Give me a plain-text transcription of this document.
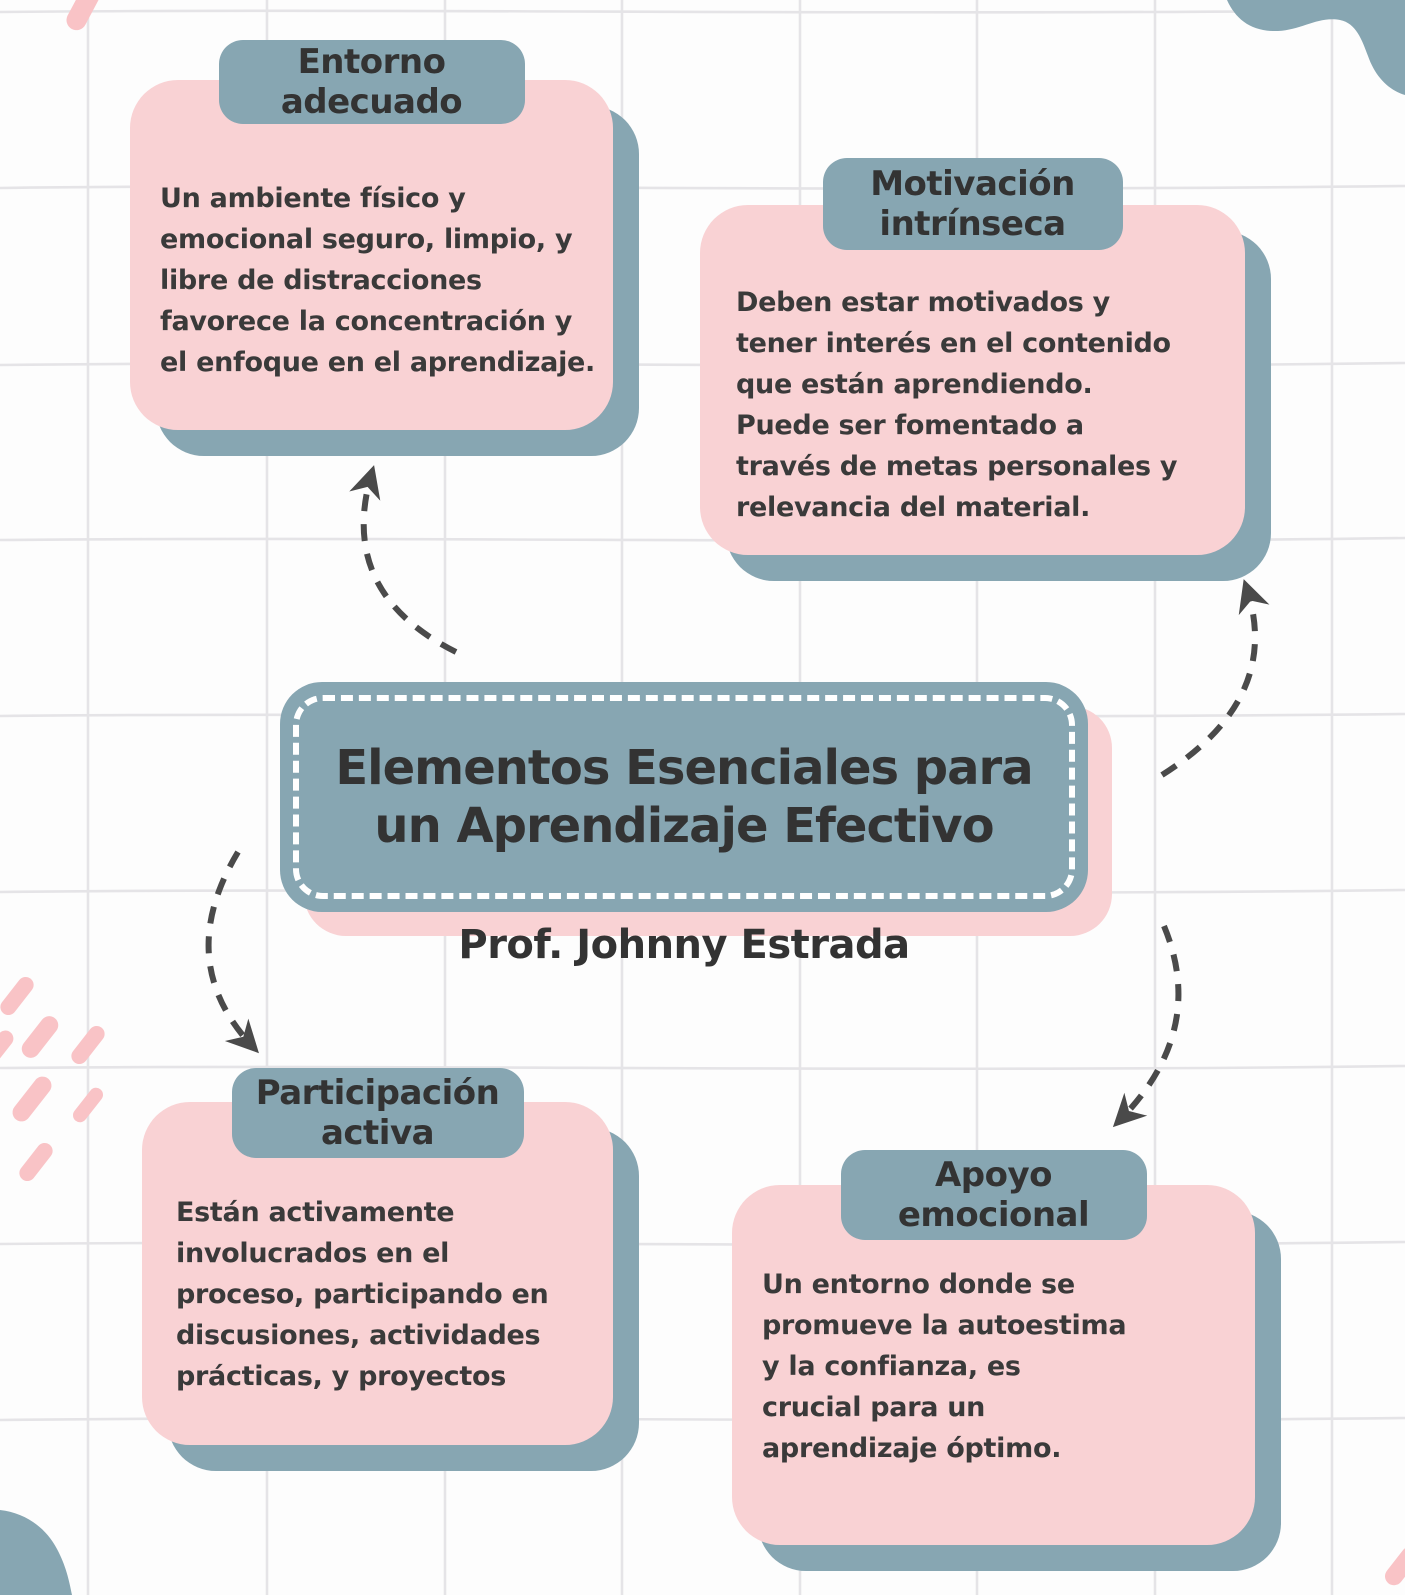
Entorno
adecuado
Un ambiente físico y
emocional seguro, limpio, y
libre de distracciones
favorece la concentración y
el enfoque en el aprendizaje.
Motivación
intrínseca
Deben estar motivados y
tener interés en el contenido
que están aprendiendo.
Puede ser fomentado a
través de metas personales y
relevancia del material.
Elementos Esenciales para
un Aprendizaje Efectivo
Prof. Johnny Estrada
Participación
activa
Están activamente
involucrados en el
proceso, participando en
discusiones, actividades
prácticas, y proyectos
Apoyo
emocional
Un entorno donde se
promueve la autoestima
y la confianza, es
crucial para un
aprendizaje óptimo.
